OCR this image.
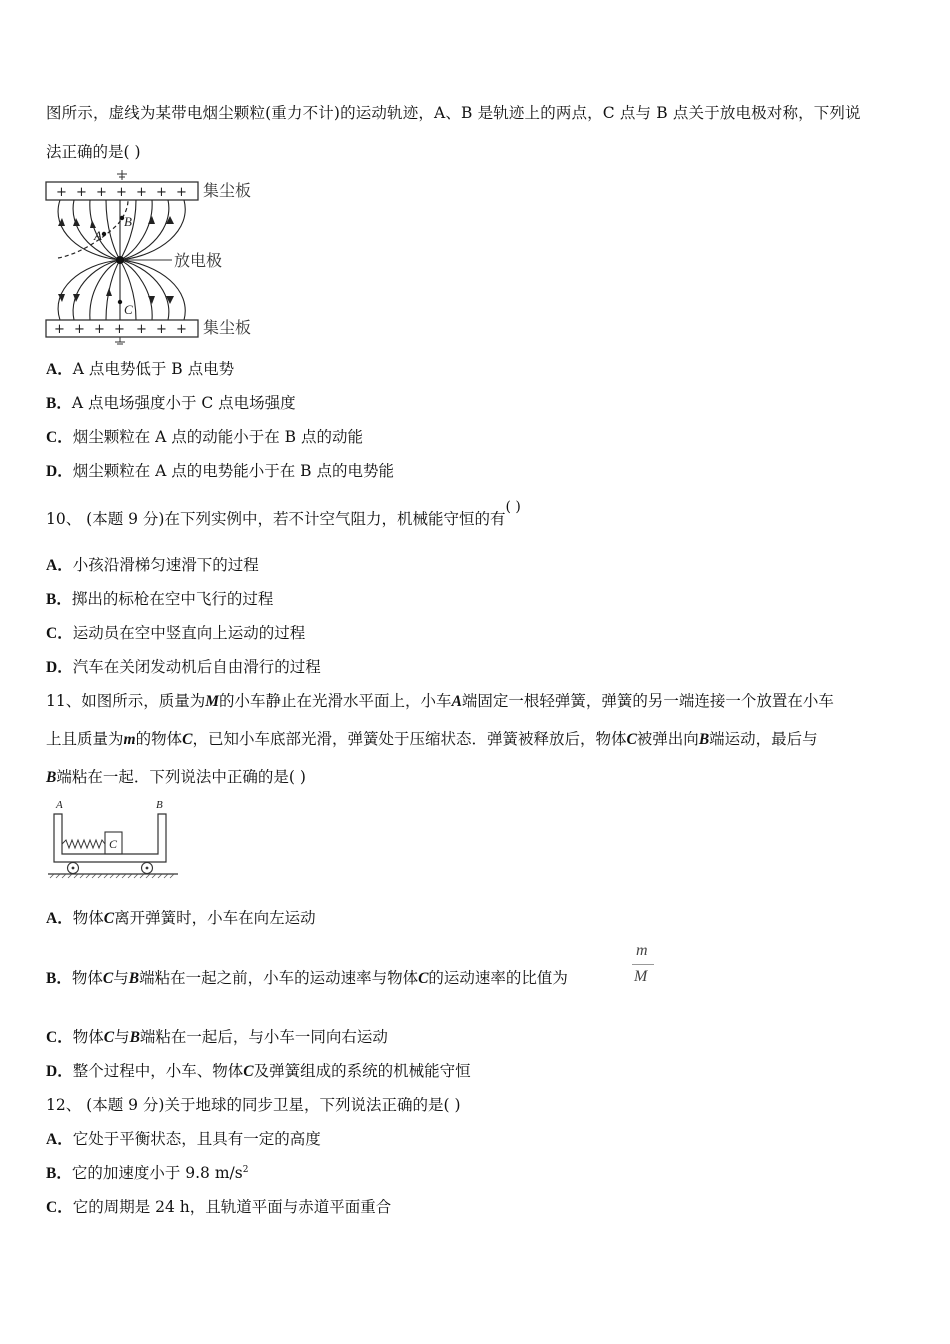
图所示，虚线为某带电烟尘颗粒(重力不计)的运动轨迹，A、B 是轨迹上的两点，C 点与 B 点关于放电极对称，下列说
法正确的是( )
+ + + + + + + 集尘板
放电极
B
A
C
+ + + + + + + 集尘板
A．A 点电势低于 B 点电势
B．A 点电场强度小于 C 点电场强度
C．烟尘颗粒在 A 点的动能小于在 B 点的动能
D．烟尘颗粒在 A 点的电势能小于在 B 点的电势能
10、 (本题 9 分)在下列实例中，若不计空气阻力，机械能守恒的有( )
A．小孩沿滑梯匀速滑下的过程
B．掷出的标枪在空中飞行的过程
C．运动员在空中竖直向上运动的过程
D．汽车在关闭发动机后自由滑行的过程
11、如图所示，质量为M的小车静止在光滑水平面上，小车A端固定一根轻弹簧，弹簧的另一端连接一个放置在小车
上且质量为m的物体C，已知小车底部光滑，弹簧处于压缩状态．弹簧被释放后，物体C被弹出向B端运动，最后与
B端粘在一起．下列说法中正确的是( )
A	B
C
A．物体C离开弹簧时，小车在向左运动
B．物体C与B端粘在一起之前，小车的运动速率与物体C的运动速率的比值为
m
M
C．物体C与B端粘在一起后，与小车一同向右运动
D．整个过程中，小车、物体C及弹簧组成的系统的机械能守恒
12、 (本题 9 分)关于地球的同步卫星，下列说法正确的是( )
A．它处于平衡状态，且具有一定的高度
B．它的加速度小于 9.8 $m/s^2$
C．它的周期是 24 h，且轨道平面与赤道平面重合
